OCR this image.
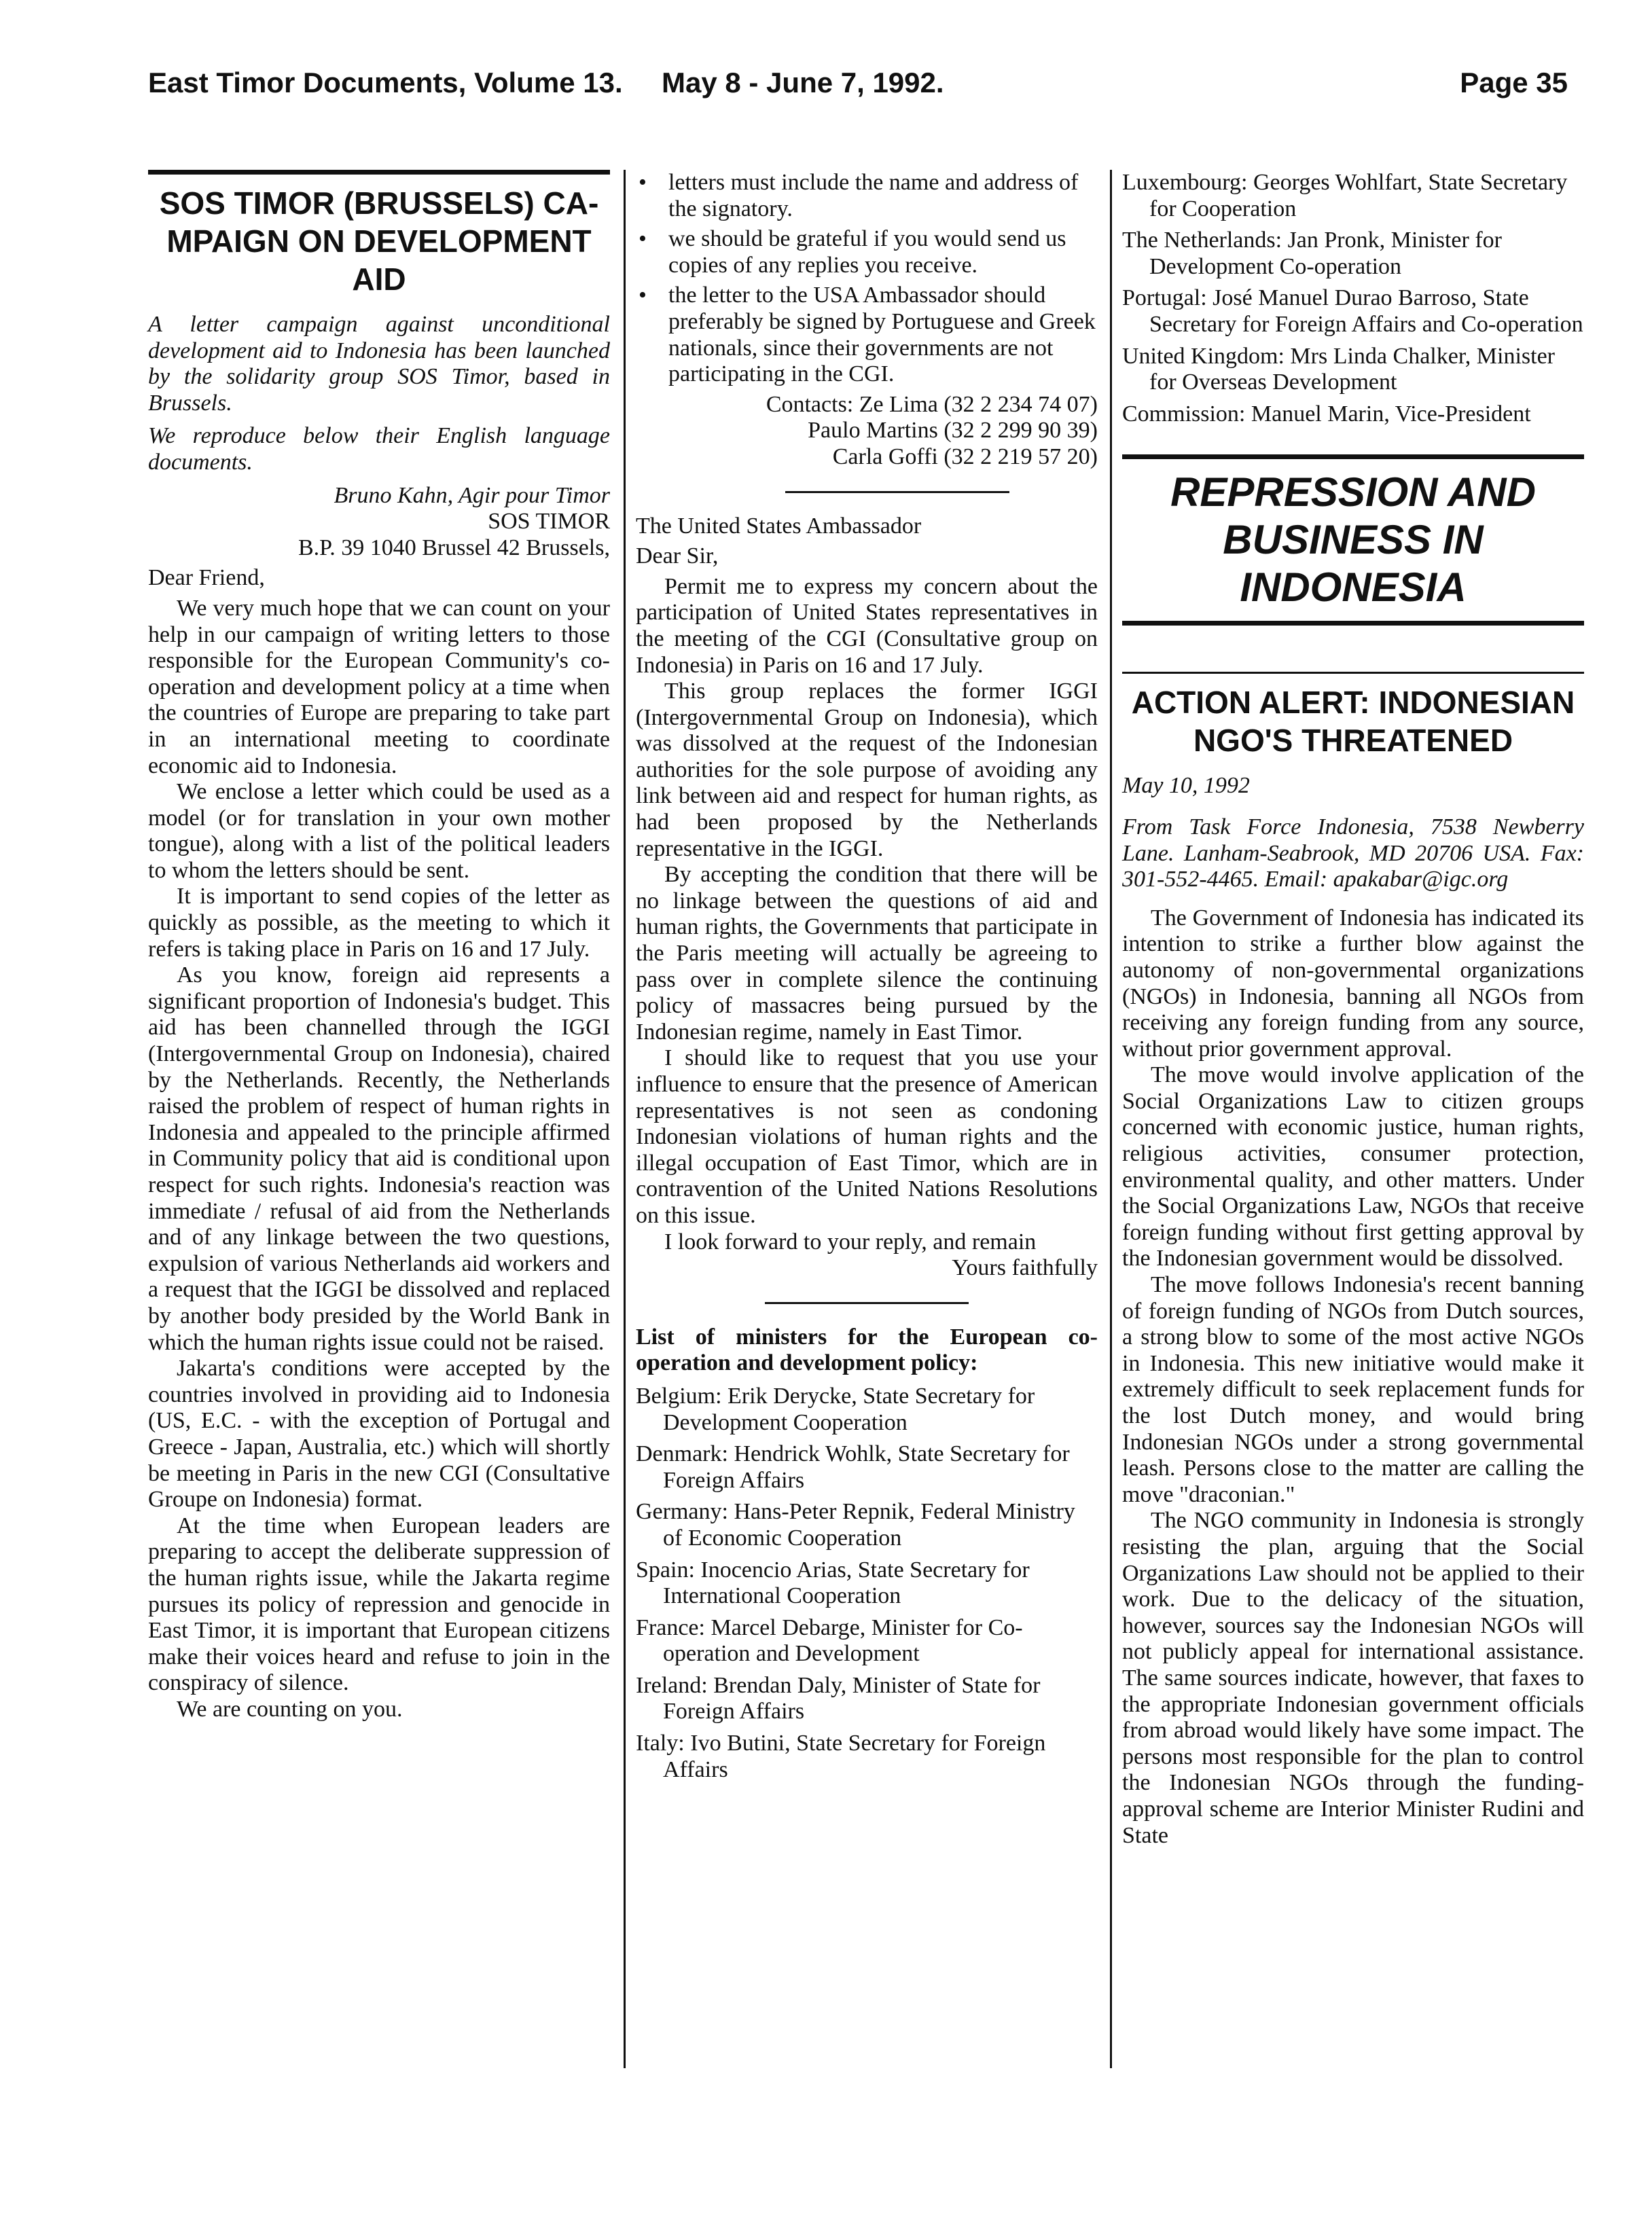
East Timor Documents, Volume 13. May 8 - June 7, 1992.	Page 35
SOS TIMOR (BRUSSELS) CA-MPAIGN ON DEVELOPMENT AID

A letter campaign against unconditional development aid to Indonesia has been launched by the solidarity group SOS Timor, based in Brussels.

We reproduce below their English language documents.

Bruno Kahn, Agir pour Timor

SOS TIMOR

B.P. 39 1040 Brussel 42 Brussels,

Dear Friend,

We very much hope that we can count on your help in our campaign of writing letters to those responsible for the European Community's co-operation and development policy at a time when the countries of Europe are preparing to take part in an international meeting to coordinate economic aid to Indonesia.

We enclose a letter which could be used as a model (or for translation in your own mother tongue), along with a list of the political leaders to whom the letters should be sent.

It is important to send copies of the letter as quickly as possible, as the meeting to which it refers is taking place in Paris on 16 and 17 July.

As you know, foreign aid represents a significant proportion of Indonesia's budget. This aid has been channelled through the IGGI (Intergovernmental Group on Indonesia), chaired by the Netherlands. Recently, the Netherlands raised the problem of respect of human rights in Indonesia and appealed to the principle affirmed in Community policy that aid is conditional upon respect for such rights. Indonesia's reaction was immediate / refusal of aid from the Netherlands and of any linkage between the two questions, expulsion of various Netherlands aid workers and a request that the IGGI be dissolved and replaced by another body presided by the World Bank in which the human rights issue could not be raised.

Jakarta's conditions were accepted by the countries involved in providing aid to Indonesia (US, E.C. - with the exception of Portugal and Greece - Japan, Australia, etc.) which will shortly be meeting in Paris in the new CGI (Consultative Groupe on Indonesia) format.

At the time when European leaders are preparing to accept the deliberate suppression of the human rights issue, while the Jakarta regime pursues its policy of repression and genocide in East Timor, it is important that European citizens make their voices heard and refuse to join in the conspiracy of silence.

We are counting on you.

• letters must include the name and address of the signatory.
• we should be grateful if you would send us copies of any replies you receive.
• the letter to the USA Ambassador should preferably be signed by Portuguese and Greek nationals, since their governments are not participating in the CGI.
Contacts: Ze Lima (32 2 234 74 07)
Paulo Martins (32 2 299 90 39)
Carla Goffi (32 2 219 57 20)

The United States Ambassador

Dear Sir,

Permit me to express my concern about the participation of United States representatives in the meeting of the CGI (Consultative group on Indonesia) in Paris on 16 and 17 July.

This group replaces the former IGGI (Intergovernmental Group on Indonesia), which was dissolved at the request of the Indonesian authorities for the sole purpose of avoiding any link between aid and respect for human rights, as had been proposed by the Netherlands representative in the IGGI.

By accepting the condition that there will be no linkage between the questions of aid and human rights, the Governments that participate in the Paris meeting will actually be agreeing to pass over in complete silence the continuing policy of massacres being pursued by the Indonesian regime, namely in East Timor.

I should like to request that you use your influence to ensure that the presence of American representatives is not seen as condoning Indonesian violations of human rights and the illegal occupation of East Timor, which are in contravention of the United Nations Resolutions on this issue.

I look forward to your reply, and remain

Yours faithfully

List of ministers for the European co-operation and development policy:

Belgium: Erik Derycke, State Secretary for Development Cooperation
Denmark: Hendrick Wohlk, State Secretary for Foreign Affairs
Germany: Hans-Peter Repnik, Federal Ministry of Economic Cooperation
Spain: Inocencio Arias, State Secretary for International Cooperation
France: Marcel Debarge, Minister for Co-operation and Development
Ireland: Brendan Daly, Minister of State for Foreign Affairs
Italy: Ivo Butini, State Secretary for Foreign Affairs
Luxembourg: Georges Wohlfart, State Secretary for Cooperation
The Netherlands: Jan Pronk, Minister for Development Co-operation
Portugal: José Manuel Durao Barroso, State Secretary for Foreign Affairs and Co-operation
United Kingdom: Mrs Linda Chalker, Minister for Overseas Development
Commission: Manuel Marin, Vice-President
REPRESSION AND BUSINESS IN INDONESIA
ACTION ALERT: INDONESIAN NGO'S THREATENED

May 10, 1992

From Task Force Indonesia, 7538 Newberry Lane. Lanham-Seabrook, MD 20706 USA. Fax: 301-552-4465. Email: apakabar@igc.org

The Government of Indonesia has indicated its intention to strike a further blow against the autonomy of non-governmental organizations (NGOs) in Indonesia, banning all NGOs from receiving any foreign funding from any source, without prior government approval.

The move would involve application of the Social Organizations Law to citizen groups concerned with economic justice, human rights, religious activities, consumer protection, environmental quality, and other matters. Under the Social Organizations Law, NGOs that receive foreign funding without first getting approval by the Indonesian government would be dissolved.

The move follows Indonesia's recent banning of foreign funding of NGOs from Dutch sources, a strong blow to some of the most active NGOs in Indonesia. This new initiative would make it extremely difficult to seek replacement funds for the lost Dutch money, and would bring Indonesian NGOs under a strong governmental leash. Persons close to the matter are calling the move "draconian."

The NGO community in Indonesia is strongly resisting the plan, arguing that the Social Organizations Law should not be applied to their work. Due to the delicacy of the situation, however, sources say the Indonesian NGOs will not publicly appeal for international assistance. The same sources indicate, however, that faxes to the appropriate Indonesian government officials from abroad would likely have some impact. The persons most responsible for the plan to control the Indonesian NGOs through the funding-approval scheme are Interior Minister Rudini and State
